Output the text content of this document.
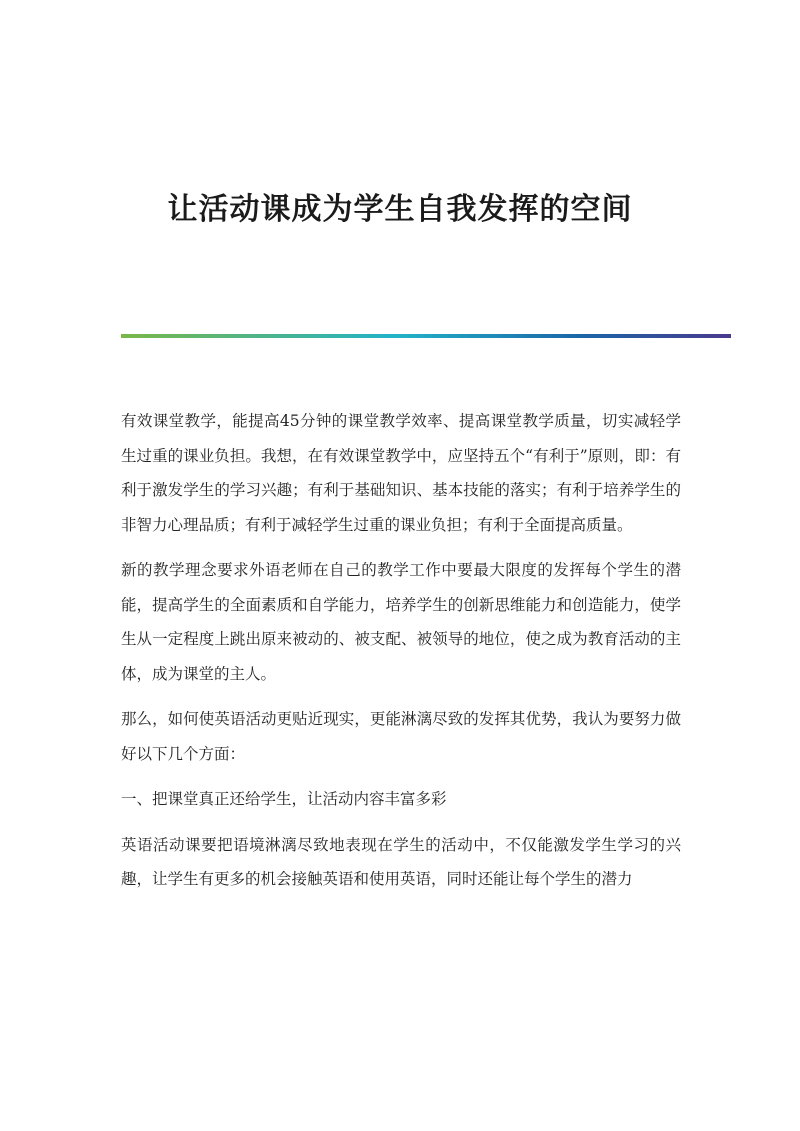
让活动课成为学生自我发挥的空间

有效课堂教学，能提高45分钟的课堂教学效率、提高课堂教学质量，切实减轻学生过重的课业负担。我想，在有效课堂教学中，应坚持五个“有利于”原则，即：有利于激发学生的学习兴趣；有利于基础知识、基本技能的落实；有利于培养学生的非智力心理品质；有利于减轻学生过重的课业负担；有利于全面提高质量。

新的教学理念要求外语老师在自己的教学工作中要最大限度的发挥每个学生的潜能，提高学生的全面素质和自学能力，培养学生的创新思维能力和创造能力，使学生从一定程度上跳出原来被动的、被支配、被领导的地位，使之成为教育活动的主体，成为课堂的主人。

那么，如何使英语活动更贴近现实，更能淋漓尽致的发挥其优势，我认为要努力做好以下几个方面：

一、把课堂真正还给学生，让活动内容丰富多彩

英语活动课要把语境淋漓尽致地表现在学生的活动中，不仅能激发学生学习的兴趣，让学生有更多的机会接触英语和使用英语，同时还能让每个学生的潜力
